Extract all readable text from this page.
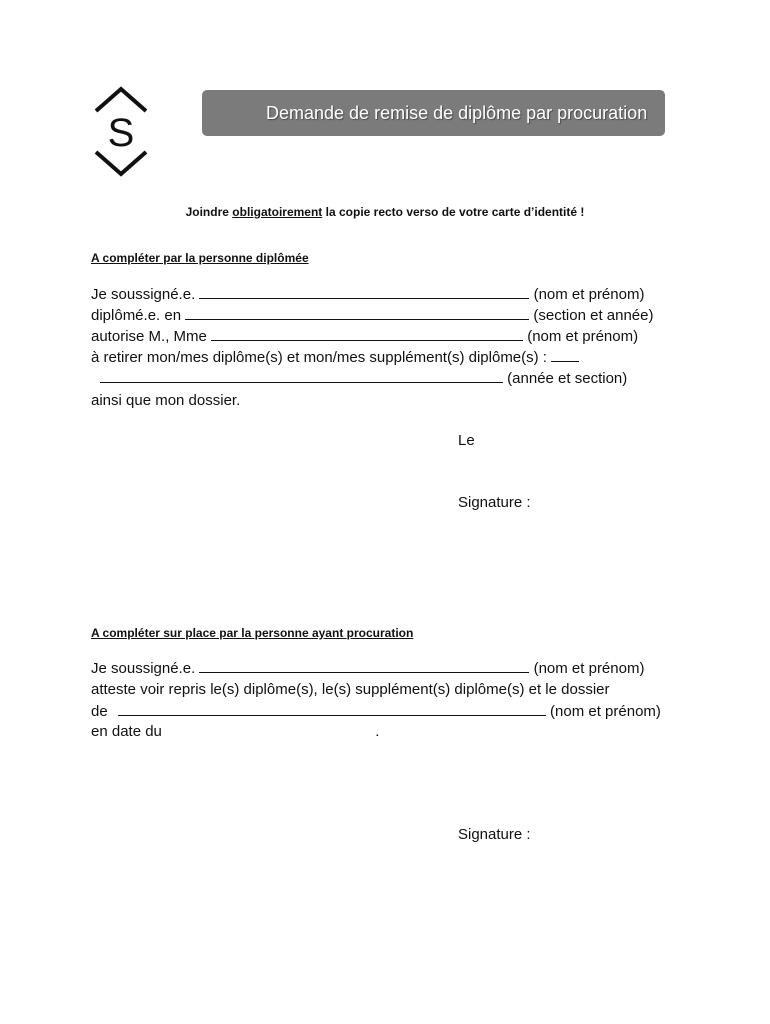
S	Demande de remise de diplôme par procuration
Joindre obligatoirement la copie recto verso de votre carte d’identité !
A compléter par la personne diplômée
Je soussigné.e.	(nom et prénom)
diplômé.e. en	(section et année)
autorise M., Mme	(nom et prénom)
à retirer mon/mes diplôme(s) et mon/mes supplément(s) diplôme(s) :
(année et section)
ainsi que mon dossier.
Le
Signature :
A compléter sur place par la personne ayant procuration
Je soussigné.e.	(nom et prénom)
atteste voir repris le(s) diplôme(s), le(s) supplément(s) diplôme(s) et le dossier
de	(nom et prénom)
en date du	.
Signature :
